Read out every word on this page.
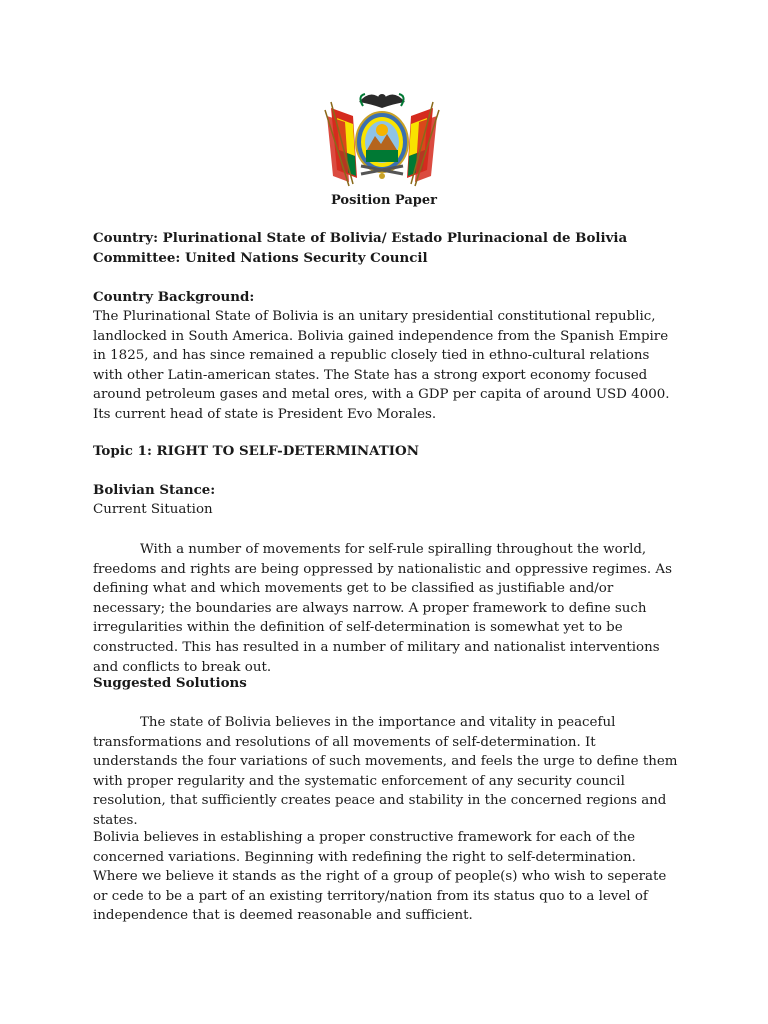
Position Paper
Country: Plurinational State of Bolivia/ Estado Plurinacional de Bolivia
Committee: United Nations Security Council
Country Background:

The Plurinational State of Bolivia is an unitary presidential constitutional republic, landlocked in South America. Bolivia gained independence from the Spanish Empire in 1825, and has since remained a republic closely tied in ethno-cultural relations with other Latin-american states. The State has a strong export economy focused around petroleum gases and metal ores, with a GDP per capita of around USD 4000. Its current head of state is President Evo Morales.

Topic 1: RIGHT TO SELF-DETERMINATION
Bolivian Stance:
Current Situation

With a number of movements for self-rule spiralling throughout the world, freedoms and rights are being oppressed by nationalistic and oppressive regimes. As defining what and which movements get to be classified as justifiable and/or necessary; the boundaries are always narrow. A proper framework to define such irregularities within the definition of self-determination is somewhat yet to be constructed. This has resulted in a number of military and nationalist interventions and conflicts to break out.

Suggested Solutions

The state of Bolivia believes in the importance and vitality in peaceful transformations and resolutions of all movements of self-determination. It understands the four variations of such movements, and feels the urge to define them with proper regularity and the systematic enforcement of any security council resolution, that sufficiently creates peace and stability in the concerned regions and states.

Bolivia believes in establishing a proper constructive framework for each of the concerned variations. Beginning with redefining the right to self-determination. Where we believe it stands as the right of a group of people(s) who wish to seperate or cede to be a part of an existing territory/nation from its status quo to a level of independence that is deemed reasonable and sufficient.
